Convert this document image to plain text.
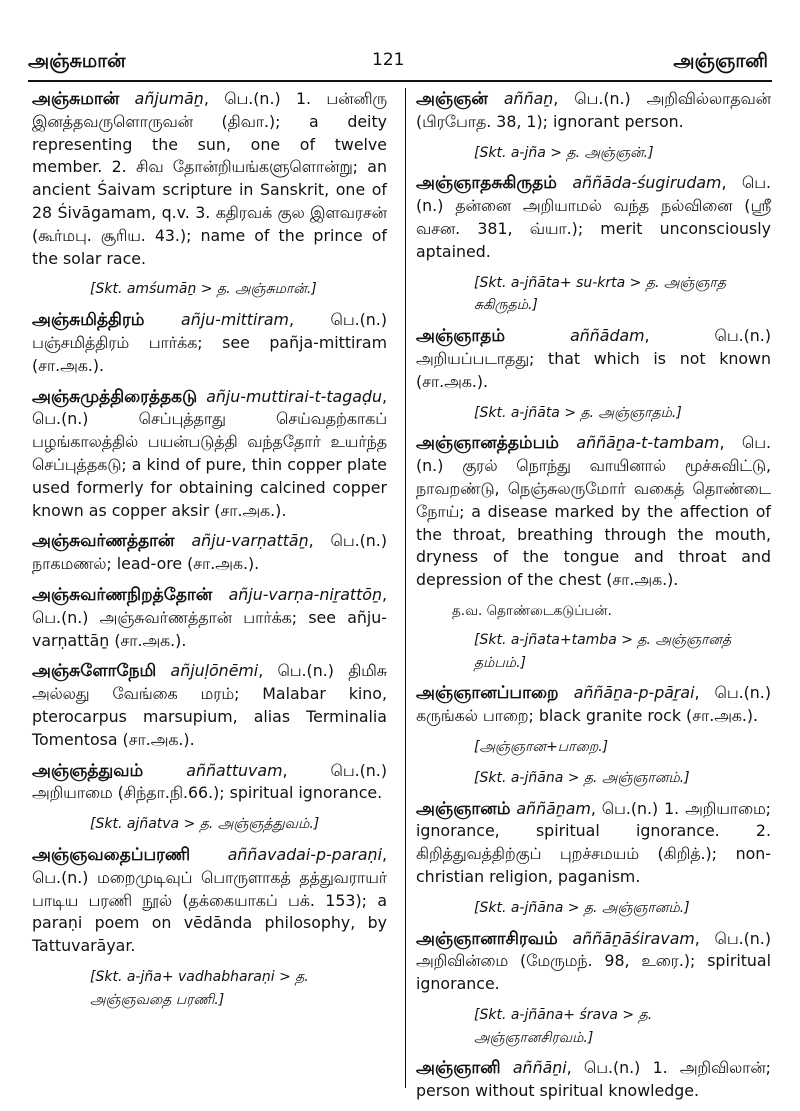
அஞ்சுமான்	121	அஞ்ஞானி

அஞ்சுமான் añjumāṉ, பெ.(n.) 1. பன்னிரு இனத்தவருளொருவன் (திவா.); a deity representing the sun, one of twelve member. 2. சிவ தோன்றியங்களுளொன்று; an ancient Śaivam scripture in Sanskrit, one of 28 Śivāgamam, q.v. 3. கதிரவக் குல இளவரசன் (கூர்மபு. சூரிய. 43.); name of the prince of the solar race.

[Skt. amśumāṉ > த. அஞ்சுமான்.]

அஞ்சுமித்திரம் añju-mittiram, பெ.(n.) பஞ்சமித்திரம் பார்க்க; see pañja-mittiram (சா.அக.).

அஞ்சுமுத்திரைத்தகடு añju-muttirai-t-tagaḍu, பெ.(n.) செப்புத்தாது செய்வதற்காகப் பழங்காலத்தில் பயன்படுத்தி வந்ததோர் உயர்ந்த செப்புத்தகடு; a kind of pure, thin copper plate used formerly for obtaining calcined copper known as copper aksir (சா.அக.).

அஞ்சுவர்ணத்தான் añju-varṇattāṉ, பெ.(n.) நாகமணல்; lead-ore (சா.அக.).

அஞ்சுவர்ணநிறத்தோன் añju-varṇa-niṟattōṉ, பெ.(n.) அஞ்சுவர்ணத்தான் பார்க்க; see añju-varṇattāṉ (சா.அக.).

அஞ்சுளோநேமி añjuḷōnēmi, பெ.(n.) திமிசு அல்லது வேங்கை மரம்; Malabar kino, pterocarpus marsupium, alias Terminalia Tomentosa (சா.அக.).

அஞ்ஞத்துவம்	aññattuvam, பெ.(n.) அறியாமை (சிந்தா.நி.66.); spiritual ignorance.

[Skt. ajñatva > த. அஞ்ஞத்துவம்.]

அஞ்ஞவதைப்பரணி aññavadai-p-paraṇi, பெ.(n.) மறைமுடிவுப் பொருளாகத் தத்துவராயர் பாடிய பரணி நூல் (தக்கையாகப் பக். 153); a paraṇi poem on vēdānda philosophy, by Tattuvarāyar.

[Skt. a-jña+ vadhabharaṇi > த. அஞ்ஞவதை பரணி.]

அஞ்ஞன் aññaṉ, பெ.(n.) அறிவில்லாதவன் (பிரபோத. 38, 1); ignorant person.

[Skt. a-jña > த. அஞ்ஞன்.]

அஞ்ஞாதசுகிருதம் aññāda-śugirudam, பெ.(n.) தன்னை அறியாமல் வந்த நல்வினை (ஸ்ரீ வசன. 381, வ்யா.); merit unconsciously aptained.

[Skt. a-jñāta+ su-krta > த. அஞ்ஞாத சுகிருதம்.]

அஞ்ஞாதம்	aññādam, பெ.(n.) அறியப்படாதது; that which is not known (சா.அக.).

[Skt. a-jñāta > த. அஞ்ஞாதம்.]

அஞ்ஞானத்தம்பம் aññāṉa-t-tambam, பெ.(n.) குரல் நொந்து வாயினால் மூச்சுவிட்டு, நாவறண்டு, நெஞ்சுலருமோர் வகைத் தொண்டை நோய்; a disease marked by the affection of the throat, breathing through the mouth, dryness of the tongue and throat and depression of the chest (சா.அக.).

த.வ. தொண்டைகடுப்பன்.

[Skt. a-jñata+tamba > த. அஞ்ஞானத் தம்பம்.]

அஞ்ஞானப்பாறை aññāṉa-p-pāṟai, பெ.(n.) கருங்கல் பாறை; black granite rock (சா.அக.).

[அஞ்ஞான+பாறை.]

[Skt. a-jñāna > த. அஞ்ஞானம்.]

அஞ்ஞானம் aññāṉam, பெ.(n.) 1. அறியாமை; ignorance, spiritual ignorance. 2. கிறித்துவத்திற்குப் புறச்சமயம் (கிறித்.); non-christian religion, paganism.

[Skt. a-jñāna > த. அஞ்ஞானம்.]

அஞ்ஞானாசிரவம் aññāṉāśiravam, பெ.(n.) அறிவின்மை (மேருமந். 98, உரை.); spiritual ignorance.

[Skt. a-jñāna+ śrava > த. அஞ்ஞானசிரவம்.]

அஞ்ஞானி aññāṉi, பெ.(n.) 1. அறிவிலான்; person without spiritual knowledge.
